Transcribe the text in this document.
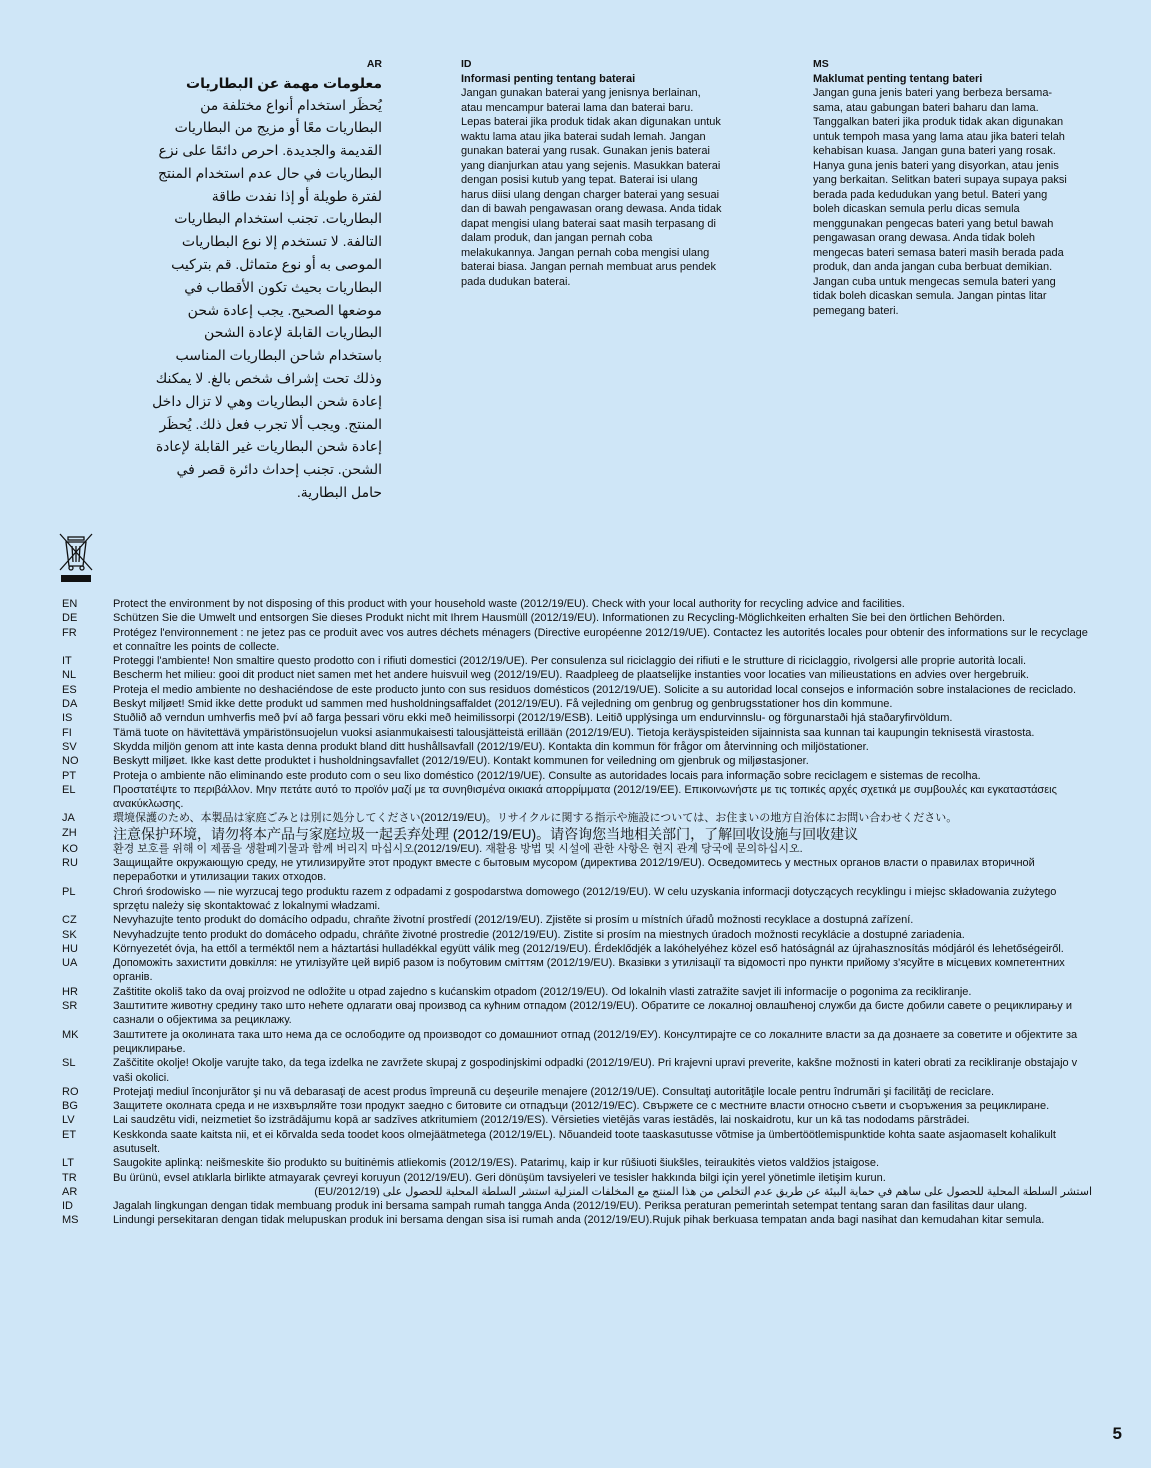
AR
معلومات مهمة عن البطاريات
يُحظَر استخدام أنواع مختلفة من البطاريات معًا أو مزيج من البطاريات القديمة والجديدة. احرص دائمًا على نزع البطاريات في حال عدم استخدام المنتج لفترة طويلة أو إذا نفدت طاقة البطاريات. تجنب استخدام البطاريات التالفة. لا تستخدم إلا نوع البطاريات الموصى به أو نوع متماثل. قم بتركيب البطاريات بحيث تكون الأقطاب في موضعها الصحيح. يجب إعادة شحن البطاريات القابلة لإعادة الشحن باستخدام شاحن البطاريات المناسب وذلك تحت إشراف شخص بالغ. لا يمكنك إعادة شحن البطاريات وهي لا تزال داخل المنتج. ويجب ألا تجرب فعل ذلك. يُحظَر إعادة شحن البطاريات غير القابلة لإعادة الشحن. تجنب إحداث دائرة قصر في حامل البطارية.
ID
Informasi penting tentang baterai
Jangan gunakan baterai yang jenisnya berlainan, atau mencampur baterai lama dan baterai baru. Lepas baterai jika produk tidak akan digunakan untuk waktu lama atau jika baterai sudah lemah. Jangan gunakan baterai yang rusak. Gunakan jenis baterai yang dianjurkan atau yang sejenis. Masukkan baterai dengan posisi kutub yang tepat. Baterai isi ulang harus diisi ulang dengan charger baterai yang sesuai dan di bawah pengawasan orang dewasa. Anda tidak dapat mengisi ulang baterai saat masih terpasang di dalam produk, dan jangan pernah coba melakukannya. Jangan pernah coba mengisi ulang baterai biasa. Jangan pernah membuat arus pendek pada dudukan baterai.
MS
Maklumat penting tentang bateri
Jangan guna jenis bateri yang berbeza bersama-sama, atau gabungan bateri baharu dan lama. Tanggalkan bateri jika produk tidak akan digunakan untuk tempoh masa yang lama atau jika bateri telah kehabisan kuasa. Jangan guna bateri yang rosak. Hanya guna jenis bateri yang disyorkan, atau jenis yang berkaitan. Selitkan bateri supaya supaya paksi berada pada kedudukan yang betul. Bateri yang boleh dicaskan semula perlu dicas semula menggunakan pengecas bateri yang betul bawah pengawasan orang dewasa. Anda tidak boleh mengecas bateri semasa bateri masih berada pada produk, dan anda jangan cuba berbuat demikian. Jangan cuba untuk mengecas semula bateri yang tidak boleh dicaskan semula. Jangan pintas litar pemegang bateri.
EN	Protect the environment by not disposing of this product with your household waste (2012/19/EU). Check with your local authority for recycling advice and facilities.
DE	Schützen Sie die Umwelt und entsorgen Sie dieses Produkt nicht mit Ihrem Hausmüll (2012/19/EU). Informationen zu Recycling-Möglichkeiten erhalten Sie bei den örtlichen Behörden.
FR	Protégez l'environnement : ne jetez pas ce produit avec vos autres déchets ménagers (Directive européenne 2012/19/UE). Contactez les autorités locales pour obtenir des informations sur le recyclage et connaître les points de collecte.
IT	Proteggi l'ambiente! Non smaltire questo prodotto con i rifiuti domestici (2012/19/UE). Per consulenza sul riciclaggio dei rifiuti e le strutture di riciclaggio, rivolgersi alle proprie autorità locali.
NL	Bescherm het milieu: gooi dit product niet samen met het andere huisvuil weg (2012/19/EU). Raadpleeg de plaatselijke instanties voor locaties van milieustations en advies over hergebruik.
ES	Proteja el medio ambiente no deshaciéndose de este producto junto con sus residuos domésticos (2012/19/UE). Solicite a su autoridad local consejos e información sobre instalaciones de reciclado.
DA	Beskyt miljøet! Smid ikke dette produkt ud sammen med husholdningsaffaldet (2012/19/EU). Få vejledning om genbrug og genbrugsstationer hos din kommune.
IS	Stuðlið að verndun umhverfis með því að farga þessari vöru ekki með heimilissorpi (2012/19/ESB). Leitið upplýsinga um endurvinnslu- og förgunarstaði hjá staðaryfirvöldum.
FI	Tämä tuote on hävitettävä ympäristönsuojelun vuoksi asianmukaisesti talousjätteistä erillään (2012/19/EU). Tietoja keräyspisteiden sijainnista saa kunnan tai kaupungin teknisestä virastosta.
SV	Skydda miljön genom att inte kasta denna produkt bland ditt hushållsavfall (2012/19/EU). Kontakta din kommun för frågor om återvinning och miljöstationer.
NO	Beskytt miljøet. Ikke kast dette produktet i husholdningsavfallet (2012/19/EU). Kontakt kommunen for veiledning om gjenbruk og miljøstasjoner.
PT	Proteja o ambiente não eliminando este produto com o seu lixo doméstico (2012/19/UE). Consulte as autoridades locais para informação sobre reciclagem e sistemas de recolha.
EL	Προστατέψτε το περιβάλλον. Μην πετάτε αυτό το προϊόν μαζί με τα συνηθισμένα οικιακά απορρίμματα (2012/19/ΕΕ). Επικοινωνήστε με τις τοπικές αρχές σχετικά με συμβουλές και εγκαταστάσεις ανακύκλωσης.
JA	環境保護のため、本製品は家庭ごみとは別に処分してください(2012/19/EU)。リサイクルに関する指示や施設については、お住まいの地方自治体にお問い合わせください。
ZH	注意保护环境，请勿将本产品与家庭垃圾一起丢弃处理 (2012/19/EU)。请咨询您当地相关部门，了解回收设施与回收建议
KO	환경 보호를 위해 이 제품을 생활폐기물과 함께 버리지 마십시오(2012/19/EU). 재활용 방법 및 시설에 관한 사항은 현지 관계 당국에 문의하십시오.
RU	Защищайте окружающую среду, не утилизируйте этот продукт вместе с бытовым мусором (директива 2012/19/EU). Осведомитесь у местных органов власти о правилах вторичной переработки и утилизации таких отходов.
PL	Chroń środowisko — nie wyrzucaj tego produktu razem z odpadami z gospodarstwa domowego (2012/19/EU). W celu uzyskania informacji dotyczących recyklingu i miejsc składowania zużytego sprzętu należy się skontaktować z lokalnymi władzami.
CZ	Nevyhazujte tento produkt do domácího odpadu, chraňte životní prostředí (2012/19/EU). Zjistěte si prosím u místních úřadů možnosti recyklace a dostupná zařízení.
SK	Nevyhadzujte tento produkt do domáceho odpadu, chráňte životné prostredie (2012/19/EU). Zistite si prosím na miestnych úradoch možnosti recyklácie a dostupné zariadenia.
HU	Környezetét óvja, ha ettől a terméktől nem a háztartási hulladékkal együtt válik meg (2012/19/EU). Érdeklődjék a lakóhelyéhez közel eső hatóságnál az újrahasznosítás módjáról és lehetőségeiről.
UA	Допоможіть захистити довкілля: не утилізуйте цей виріб разом із побутовим сміттям (2012/19/EU). Вказівки з утилізації та відомості про пункти прийому з'ясуйте в місцевих компетентних органів.
HR	Zaštitite okoliš tako da ovaj proizvod ne odložite u otpad zajedno s kućanskim otpadom (2012/19/EU). Od lokalnih vlasti zatražite savjet ili informacije o pogonima za recikliranje.
SR	Заштитите животну средину тако што нећете одлагати овај производ са кућним отпадом (2012/19/EU). Обратите се локалној овлашћеној служби да бисте добили савете о рециклирању и сазнали о објектима за рециклажу.
MK	Заштитете ја околината така што нема да се ослободите од производот со домашниот отпад (2012/19/ЕУ). Консултирајте се со локалните власти за да дознаете за советите и објектите за рециклирање.
SL	Zaščitite okolje! Okolje varujte tako, da tega izdelka ne zavržete skupaj z gospodinjskimi odpadki (2012/19/EU). Pri krajevni upravi preverite, kakšne možnosti in kateri obrati za recikliranje obstajajo v vaši okolici.
RO	Protejaţi mediul înconjurător şi nu vă debarasaţi de acest produs împreună cu deşeurile menajere (2012/19/UE). Consultaţi autorităţile locale pentru îndrumări şi facilităţi de reciclare.
BG	Защитете околната среда и не изхвърляйте този продукт заедно с битовите си отпадъци (2012/19/ЕС). Свържете се с местните власти относно съвети и съоръжения за рециклиране.
LV	Lai saudzētu vidi, neizmetiet šo izstrādājumu kopā ar sadzīves atkritumiem (2012/19/ES). Vērsieties vietējās varas iestādēs, lai noskaidrotu, kur un kā tas nododams pārstrādei.
ET	Keskkonda saate kaitsta nii, et ei kõrvalda seda toodet koos olmejäätmetega (2012/19/EL). Nõuandeid toote taaskasutusse võtmise ja ümbertöötlemispunktide kohta saate asjaomaselt kohalikult asutuselt.
LT	Saugokite aplinką: neišmeskite šio produkto su buitinėmis atliekomis (2012/19/ES). Patarimų, kaip ir kur rūšiuoti šiukšles, teiraukitės vietos valdžios įstaigose.
TR	Bu ürünü, evsel atıklarla birlikte atmayarak çevreyi koruyun (2012/19/EU). Geri dönüşüm tavsiyeleri ve tesisler hakkında bilgi için yerel yönetimle iletişim kurun.
AR	استشر السلطة المحلية للحصول على ساهم في حماية البيئة عن طريق عدم التخلص من هذا المنتج مع المخلفات المنزلية استشر السلطة المحلية للحصول على (2012/19/EU)
ID	Jagalah lingkungan dengan tidak membuang produk ini bersama sampah rumah tangga Anda (2012/19/EU). Periksa peraturan pemerintah setempat tentang saran dan fasilitas daur ulang.
MS	Lindungi persekitaran dengan tidak melupuskan produk ini bersama dengan sisa isi rumah anda (2012/19/EU).Rujuk pihak berkuasa tempatan anda bagi nasihat dan kemudahan kitar semula.
5
